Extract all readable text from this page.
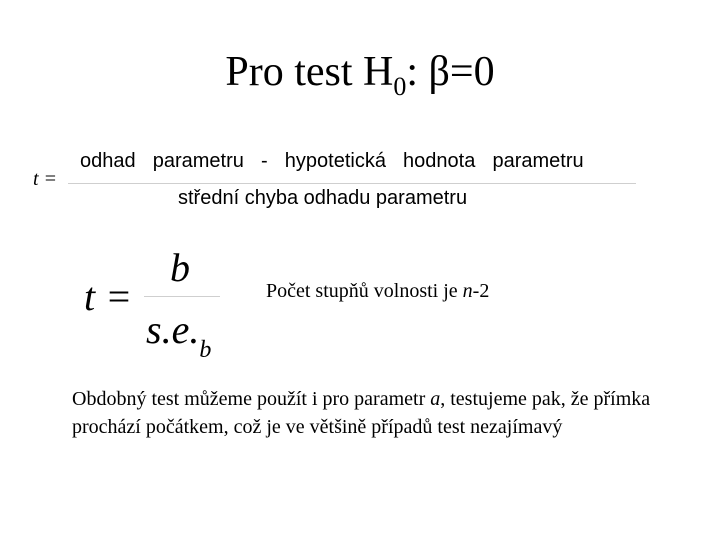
Pro test $H_0$: β=0
t =
odhad  parametru  -  hypotetická  hodnota  parametru
střední chyba odhadu parametru
t =
b
$s.e._b$
Počet stupňů volnosti je n-2
Obdobný test můžeme použít i pro parametr a, testujeme pak, že přímka prochází počátkem, což je ve většině případů test nezajímavý
